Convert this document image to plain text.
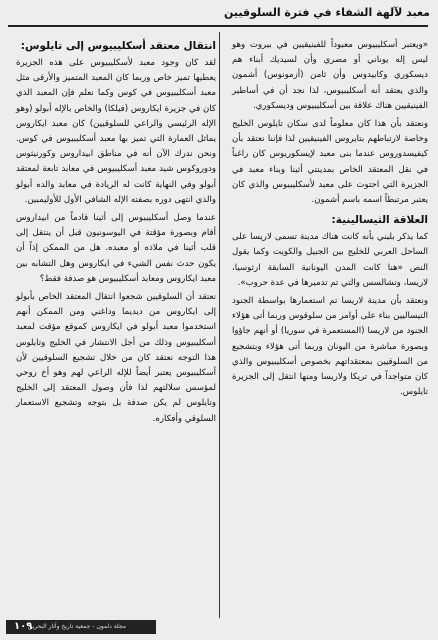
معبد لآلهة الشفاء في فترة السلوقيين

«ويعتبر أسكليبيوس معبوداً للفينيقيين في بيروت وهو ليس إله يوناني أو مصري وأن لسيديك أبناء هم ديسكوري وكابيدوس وأن ثامن (أزمونوس) أشمون والذي يعتقد أنه أسكليبيوس، لذا نجد أن في أساطير الفينيقيين هناك علاقة بين أسكليبيوس وديسكوري.

ونعتقد بأن هذا كان معلوماً لدى سكان تايلوس الخليج وخاصة لارتباطهم بتايروس الفينيقيين لذا فإننا نعتقد بأن كيفيسدوروس عندما بنى معبد لإيسكوريوس كان راغباً في نقل المعتقد الخاص بمدينتي أثينا وبناء معبد في الجزيرة التي احتوت على معبد لأسكليبيوس والذي كان يعتبر مرتبطاً اسمه باسم أشمون.

العلاقة الثيسالينية:

كما يذكر بليني بأنه كانت هناك مدينة تسمى لاريسا على الساحل العربي للخليج بين الجبيل والكويت وكما يقول النص «هنا كانت المدن اليونانية السابقة ارثوسيا، لاريسا، وتشالسس والتي تم تدميرها في عدة حروب».

ونعتقد بأن مدينة لاريسا تم استعمارها بواسطة الجنود التيساليين بناء على أوامر من سلوقوس وربما أتى هؤلاء الجنود من لاريسا (المستعمرة في سوريا) أو أنهم جاؤوا وبصورة مباشرة من اليونان وربما أتى هؤلاء وبتشجيع من السلوقيين بمعتقداتهم بخصوص أسكليبيوس والذي كان متواجداً في تريكا ولاريسا ومنها انتقل إلى الجزيرة تايلوس.

انتقال معتقد أسكليبيوس إلى تايلوس:

لقد كان وجود معبد لأسكليبيوس على هذه الجزيرة يعطيها تميز خاص وربما كان المعبد المتميز والأرقى مثل معبد أسكليبيوس في كوس وكما نعلم فإن المعبد الذي كان في جزيرة ايكاروس (فيلكا) والخاص بالإله أبولو (وهو الإله الرئيسي والراعي للسلوقيين) كان معبد ايكاروس يماثل العمارة التي تميز بها معبد أسكليبيوس في كوس. ونحن ندرك الآن أنه في مناطق ابيداروس وكورنيثوس ودوروكوس شيد معبد أسكليبيوس في معابد تابعة لمعتقد أبولو وفي النهاية كانت له الريادة في معابد والده أبولو والذي انتهى دوره بصفته الإله الشافي الأول للأوليمبين.

عندما وصل أسكليبيوس إلى أثينا قادماً من ابيداروس أقام وبصورة مؤقتة في اليوسونيون قبل أن ينتقل إلى قلب أثينا في ملاذه أو معبده. هل من الممكن إذاً أن يكون حدث نفس الشيء في ايكاروس وهل التشابه بين معبد ايكاروس ومعابد أسكليبيوس هو صدفة فقط؟

نعتقد أن السلوقيين شجعوا انتقال المعتقد الخاص بأبولو إلى ايكاروس من ديديما وداغني ومن الممكن أنهم استخدموا معبد أبولو في ايكاروس كموقع مؤقت لمعبد أسكليبيوس وذلك من أجل الانتشار في الخليج وتايلوس هذا التوجه نعتقد كان من خلال تشجيع السلوقيين لأن أسكليبيوس يعتبر أيضاً للإله الراعي لهم وهو أخ روحي لمؤسس سلالتهم لذا فأن وصول المعتقد إلى الخليج وتايلوس لم يكن صدفة بل بتوجه وتشجيع الاستعمار السلوقي وأفكاره.

مجلة دلمون - جمعية تاريخ وآثار البحرين
١٠٩
